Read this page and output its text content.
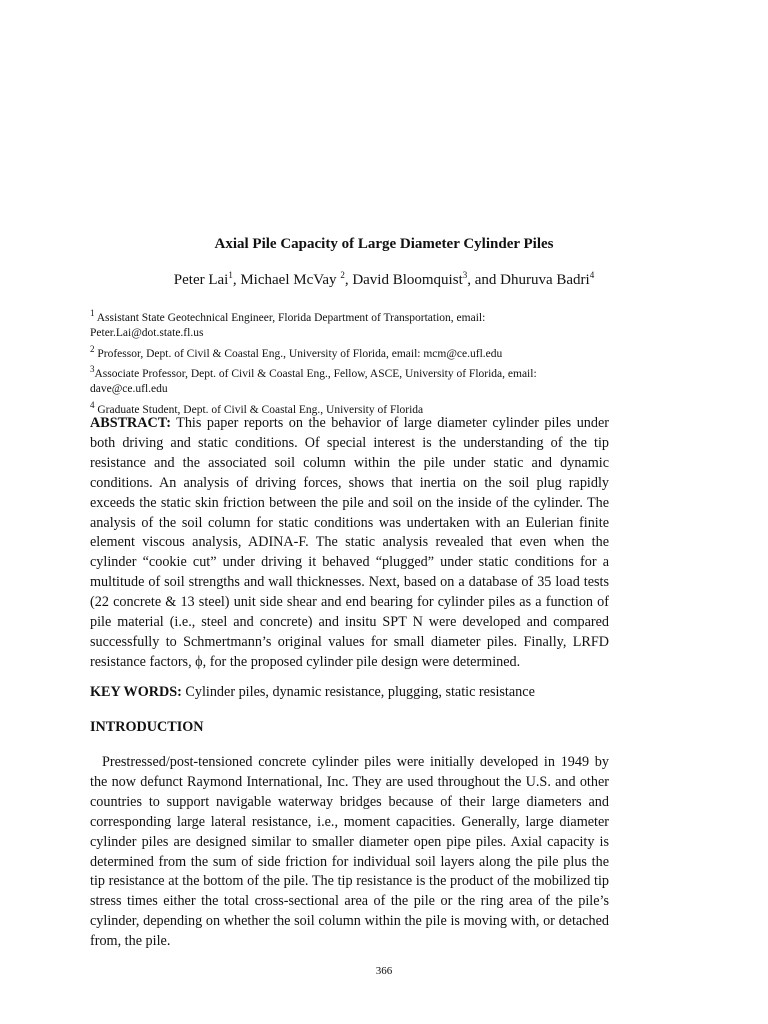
Axial Pile Capacity of Large Diameter Cylinder Piles
Peter Lai$^1$, Michael McVay $^2$, David Bloomquist$^3$, and Dhuruva Badri$^4$
$^1$ Assistant State Geotechnical Engineer, Florida Department of Transportation, email:
Peter.Lai@dot.state.fl.us
$^2$ Professor, Dept. of Civil & Coastal Eng., University of Florida, email: mcm@ce.ufl.edu
$^3$Associate Professor, Dept. of Civil & Coastal Eng., Fellow, ASCE, University of Florida, email:
dave@ce.ufl.edu
$^4$ Graduate Student, Dept. of Civil & Coastal Eng., University of Florida
ABSTRACT: This paper reports on the behavior of large diameter cylinder piles under both driving and static conditions. Of special interest is the understanding of the tip resistance and the associated soil column within the pile under static and dynamic conditions. An analysis of driving forces, shows that inertia on the soil plug rapidly exceeds the static skin friction between the pile and soil on the inside of the cylinder. The analysis of the soil column for static conditions was undertaken with an Eulerian finite element viscous analysis, ADINA-F. The static analysis revealed that even when the cylinder “cookie cut” under driving it behaved “plugged” under static conditions for a multitude of soil strengths and wall thicknesses. Next, based on a database of 35 load tests (22 concrete & 13 steel) unit side shear and end bearing for cylinder piles as a function of pile material (i.e., steel and concrete) and insitu SPT N were developed and compared successfully to Schmertmann’s original values for small diameter piles. Finally, LRFD resistance factors, ϕ, for the proposed cylinder pile design were determined.
KEY WORDS: Cylinder piles, dynamic resistance, plugging, static resistance
INTRODUCTION
Prestressed/post-tensioned concrete cylinder piles were initially developed in 1949 by the now defunct Raymond International, Inc. They are used throughout the U.S. and other countries to support navigable waterway bridges because of their large diameters and corresponding large lateral resistance, i.e., moment capacities. Generally, large diameter cylinder piles are designed similar to smaller diameter open pipe piles. Axial capacity is determined from the sum of side friction for individual soil layers along the pile plus the tip resistance at the bottom of the pile. The tip resistance is the product of the mobilized tip stress times either the total cross-sectional area of the pile or the ring area of the pile’s cylinder, depending on whether the soil column within the pile is moving with, or detached from, the pile.
366
